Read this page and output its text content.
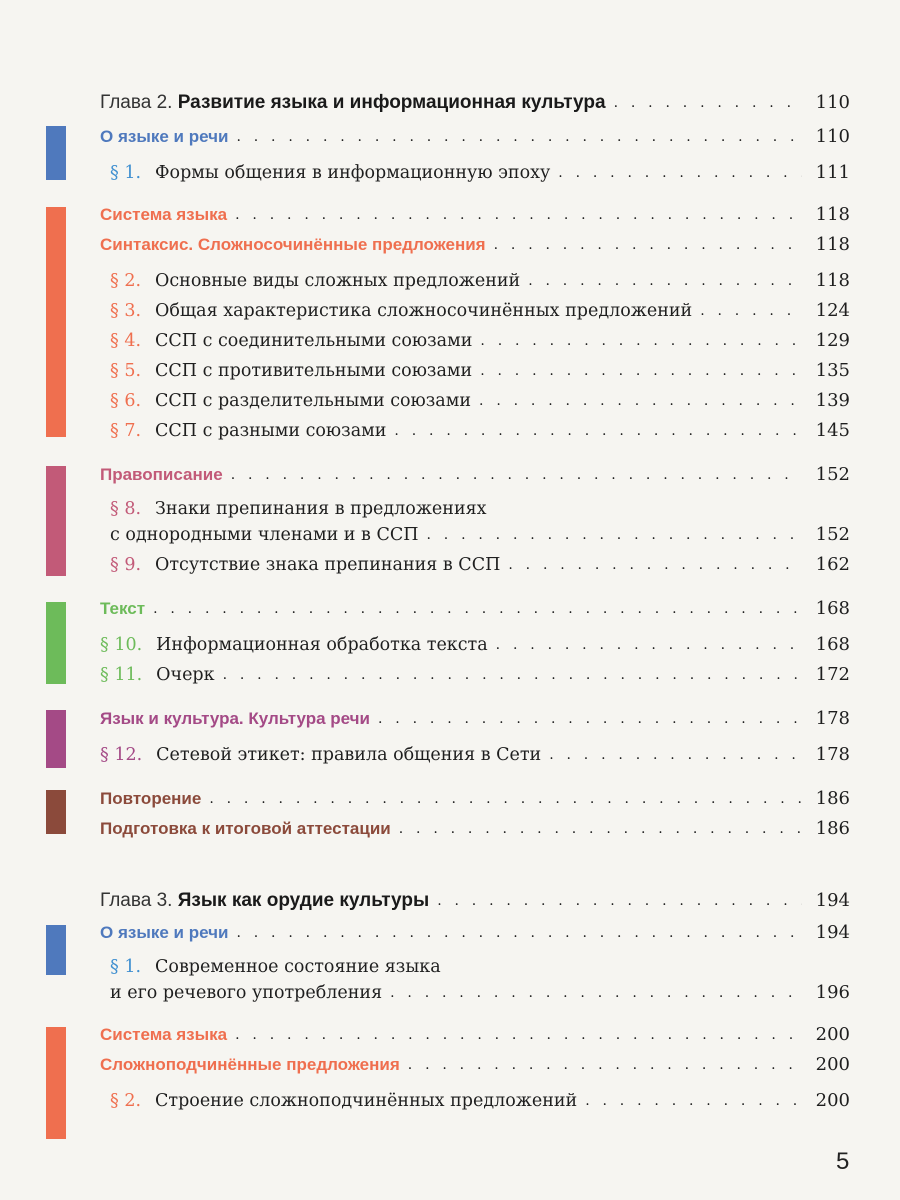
Глава 2. Развитие языка и информационная культура . . .	110
О языке и речи . . .	110
§ 1. Формы общения в информационную эпоху . . .	111
Система языка . . .	118
Синтаксис. Сложносочинённые предложения . . .	118
§ 2. Основные виды сложных предложений . . .	118
§ 3. Общая характеристика сложносочинённых предложений . . .	124
§ 4. ССП с соединительными союзами . . .	129
§ 5. ССП с противительными союзами . . .	135
§ 6. ССП с разделительными союзами . . .	139
§ 7. ССП с разными союзами . . .	145
Правописание . . .	152
§ 8. Знаки препинания в предложениях
с однородными членами и в ССП . . .	152
§ 9. Отсутствие знака препинания в ССП . . .	162
Текст . . .	168
§ 10. Информационная обработка текста . . .	168
§ 11. Очерк . . .	172
Язык и культура. Культура речи . . .	178
§ 12. Сетевой этикет: правила общения в Сети . . .	178
Повторение . . .	186
Подготовка к итоговой аттестации . . .	186
Глава 3. Язык как орудие культуры . . .	194
О языке и речи . . .	194
§ 1. Современное состояние языка
и его речевого употребления . . .	196
Система языка . . .	200
Сложноподчинённые предложения . . .	200
§ 2. Строение сложноподчинённых предложений . . .	200
5
